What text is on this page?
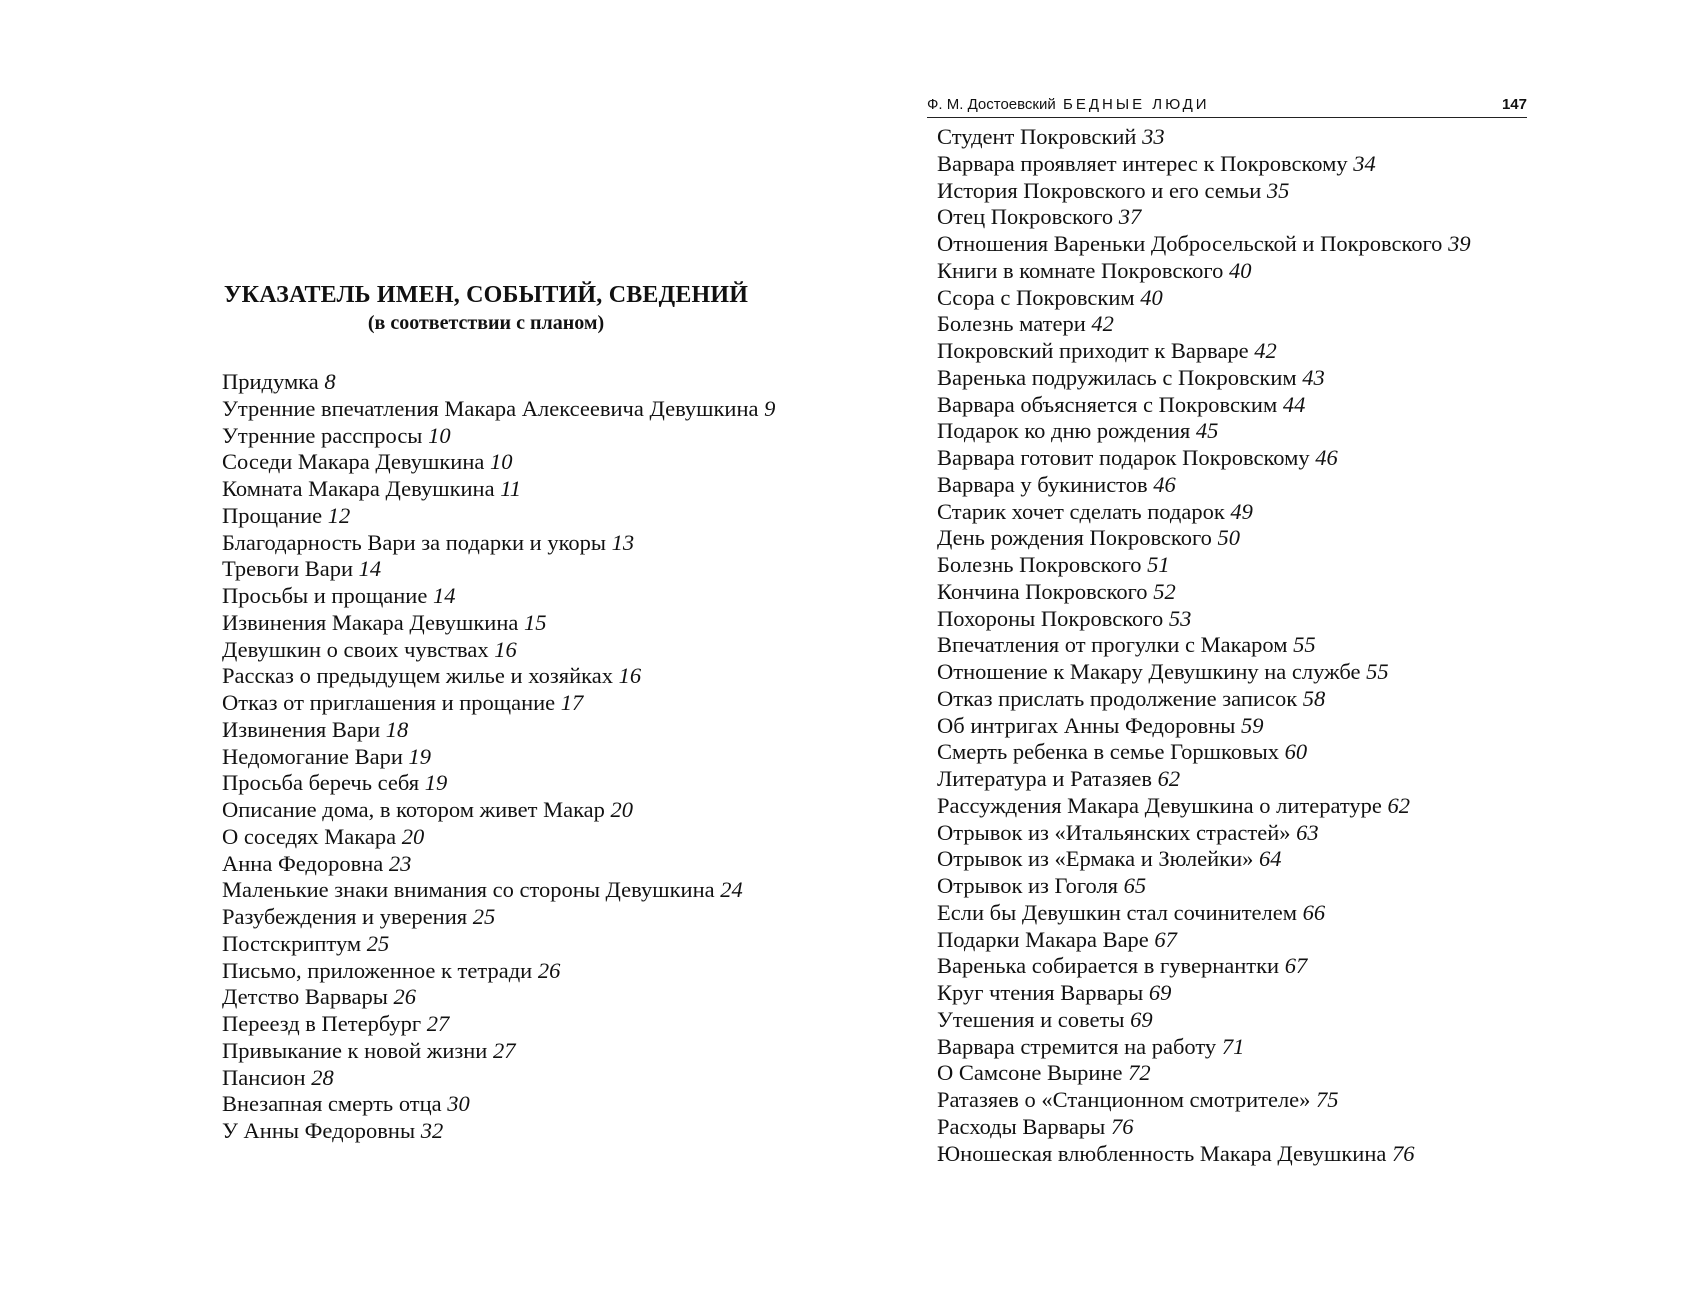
УКАЗАТЕЛЬ ИМЕН, СОБЫТИЙ, СВЕДЕНИЙ
(в соответствии с планом)
Придумка 8
Утренние впечатления Макара Алексеевича Девушкина 9
Утренние расспросы 10
Соседи Макара Девушкина 10
Комната Макара Девушкина 11
Прощание 12
Благодарность Вари за подарки и укоры 13
Тревоги Вари 14
Просьбы и прощание 14
Извинения Макара Девушкина 15
Девушкин о своих чувствах 16
Рассказ о предыдущем жилье и хозяйках 16
Отказ от приглашения и прощание 17
Извинения Вари 18
Недомогание Вари 19
Просьба беречь себя 19
Описание дома, в котором живет Макар 20
О соседях Макара 20
Анна Федоровна 23
Маленькие знаки внимания со стороны Девушкина 24
Разубеждения и уверения 25
Постскриптум 25
Письмо, приложенное к тетради 26
Детство Варвары 26
Переезд в Петербург 27
Привыкание к новой жизни 27
Пансион 28
Внезапная смерть отца 30
У Анны Федоровны 32
Ф. М. Достоевский БЕДНЫЕ ЛЮДИ	147
Студент Покровский 33
Варвара проявляет интерес к Покровскому 34
История Покровского и его семьи 35
Отец Покровского 37
Отношения Вареньки Добросельской и Покровского 39
Книги в комнате Покровского 40
Ссора с Покровским 40
Болезнь матери 42
Покровский приходит к Варваре 42
Варенька подружилась с Покровским 43
Варвара объясняется с Покровским 44
Подарок ко дню рождения 45
Варвара готовит подарок Покровскому 46
Варвара у букинистов 46
Старик хочет сделать подарок 49
День рождения Покровского 50
Болезнь Покровского 51
Кончина Покровского 52
Похороны Покровского 53
Впечатления от прогулки с Макаром 55
Отношение к Макару Девушкину на службе 55
Отказ прислать продолжение записок 58
Об интригах Анны Федоровны 59
Смерть ребенка в семье Горшковых 60
Литература и Ратазяев 62
Рассуждения Макара Девушкина о литературе 62
Отрывок из «Итальянских страстей» 63
Отрывок из «Ермака и Зюлейки» 64
Отрывок из Гоголя 65
Если бы Девушкин стал сочинителем 66
Подарки Макара Варе 67
Варенька собирается в гувернантки 67
Круг чтения Варвары 69
Утешения и советы 69
Варвара стремится на работу 71
О Самсоне Вырине 72
Ратазяев о «Станционном смотрителе» 75
Расходы Варвары 76
Юношеская влюбленность Макара Девушкина 76
